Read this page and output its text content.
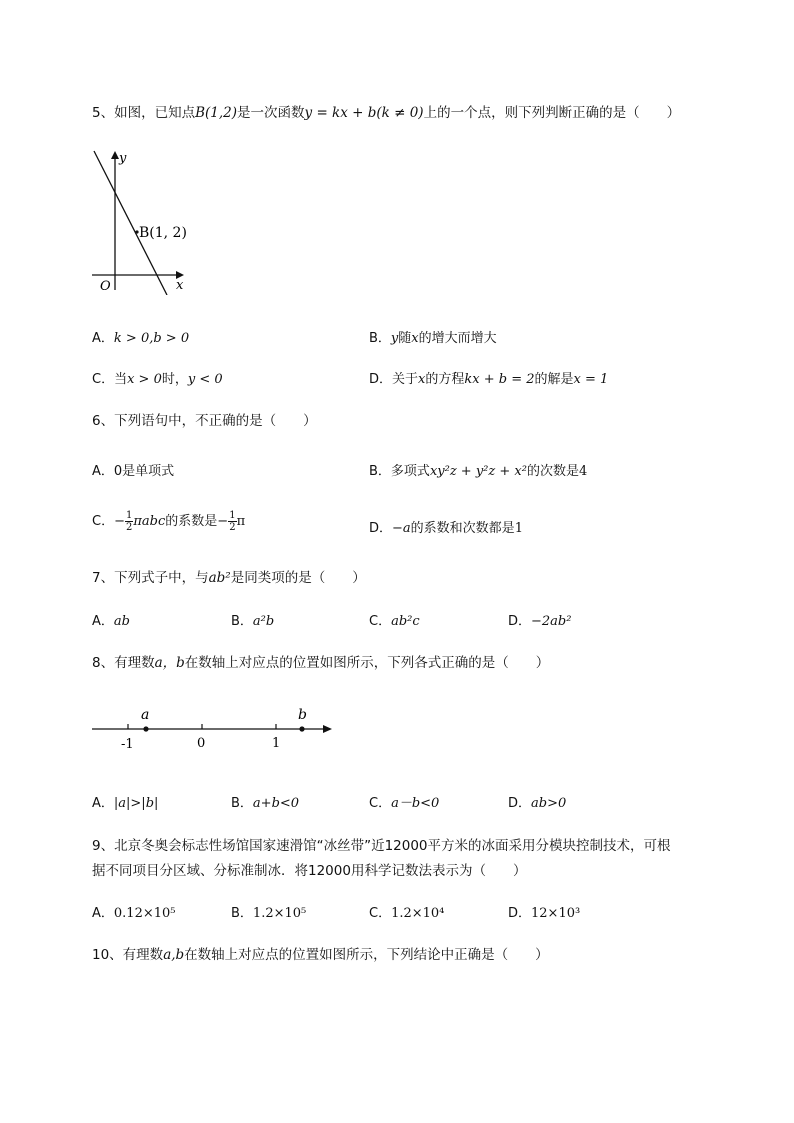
5、如图，已知点B(1,2)是一次函数y = kx + b(k ≠ 0)上的一个点，则下列判断正确的是（　　）
y
x
O
B(1, 2)
A．k > 0,b > 0	B．y随x的增大而增大
C．当x > 0时，y < 0	D．关于x的方程kx + b = 2的解是x = 1
6、下列语句中，不正确的是（　　）
A．0是单项式	B．多项式xy²z + y²z + x²的次数是4
C．− $\frac{1}{2}$ πabc的系数是− $\frac{1}{2}$ π	D．−a的系数和次数都是1
7、下列式子中，与ab²是同类项的是（　　）
A．ab	B．a²b	C．ab²c	D．−2ab²
8、有理数a，b在数轴上对应点的位置如图所示，下列各式正确的是（　　）
a	b
-1	0	1
A．|a|>|b|	B．a+b<0	C．a－b<0	D．ab>0
9、北京冬奥会标志性场馆国家速滑馆“冰丝带”近12000平方米的冰面采用分模块控制技术，可根
据不同项目分区域、分标准制冰．将12000用科学记数法表示为（　　）
A．0.12×10⁵	B．1.2×10⁵	C．1.2×10⁴	D．12×10³
10、有理数a,b在数轴上对应点的位置如图所示，下列结论中正确是（　　）
